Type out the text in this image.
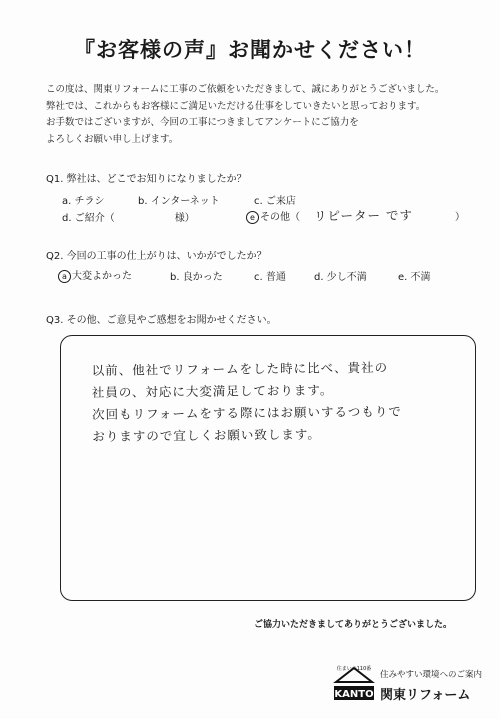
『お客様の声』お聞かせください！
この度は、関東リフォームに工事のご依頼をいただきまして、誠にありがとうございました。
弊社では、これからもお客様にご満足いただける仕事をしていきたいと思っております。
お手数ではございますが、今回の工事につきましてアンケートにご協力を
よろしくお願い申し上げます。
Q1. 弊社は、どこでお知りになりましたか？
a. チラシ	b. インターネット	c. ご来店
d. ご紹介（　　　　　　様）	e その他（ リピーター です	）
Q2. 今回の工事の仕上がりは、いかがでしたか？
a 大変よかった	b. 良かった	c. 普通	d. 少し不満	e. 不満
Q3. その他、ご意見やご感想をお聞かせください。
以前、他社でリフォームをした時に比べ、貴社の
社員の、対応に大変満足しております。
次回もリフォームをする際にはお願いするつもりで
おりますので宜しくお願い致します。
ご協力いただきましてありがとうございました。
住まいの110番
KANTO
住みやすい環境へのご案内
関東リフォーム
